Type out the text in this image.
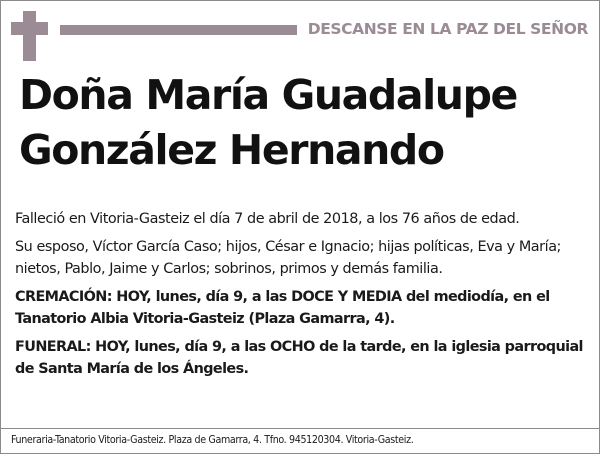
DESCANSE EN LA PAZ DEL SEÑOR
Doña María Guadalupe
González Hernando

Falleció en Vitoria-Gasteiz el día 7 de abril de 2018, a los 76 años de edad.

Su esposo, Víctor García Caso; hijos, César e Ignacio; hijas políticas, Eva y María; nietos, Pablo, Jaime y Carlos; sobrinos, primos y demás familia.

CREMACIÓN: HOY, lunes, día 9, a las DOCE Y MEDIA del mediodía, en el Tanatorio Albia Vitoria-Gasteiz (Plaza Gamarra, 4).

FUNERAL: HOY, lunes, día 9, a las OCHO de la tarde, en la iglesia parroquial de Santa María de los Ángeles.

Funeraria-Tanatorio Vitoria-Gasteiz. Plaza de Gamarra, 4. Tfno. 945120304. Vitoria-Gasteiz.
